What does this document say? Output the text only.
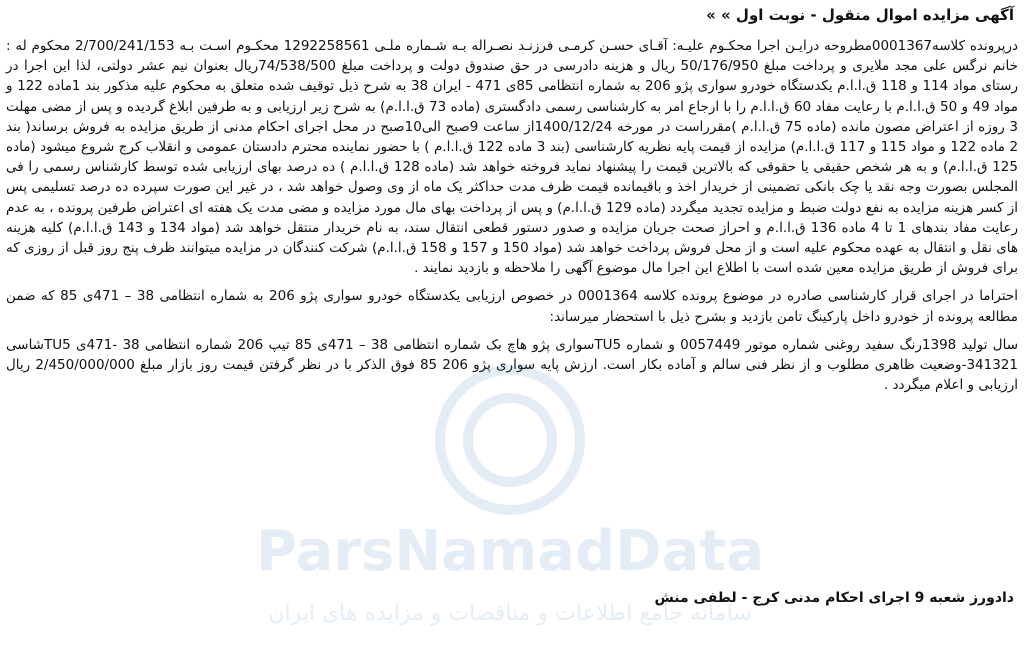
آگهی مزایده اموال منقول - نوبت اول » »

درپرونده کلاسه0001367مطروحه درایـن اجرا محکـوم علیـه: آقـای حسـن کرمـی فرزنـد نصـراله بـه شـماره ملـی 1292258561 محکـوم اسـت بـه 2/700/241/153 محکوم له : خانم نرگس علی مجد ملایری و پرداخت مبلغ 50/176/950 ریال و هزینه دادرسی در حق صندوق دولت و پرداخت مبلغ 74/538/500ریال بعنوان نیم عشر دولتی، لذا این اجرا در رستای مواد 114 و 118 ق.ا.ا.م یکدستگاه خودرو سواری پژو 206 به شماره انتظامی 85ی 471 - ایران 38 به شرح ذیل توقیف شده متعلق به محکوم علیه مذکور بند 1ماده 122 و مواد 49 و 50 ق.ا.ا.م با رعایت مفاد 60 ق.ا.ا.م را با ارجاع امر به کارشناسی رسمی دادگستری (ماده 73 ق.ا.ا.م) به شرح زیر ارزیابی و به طرفین ابلاغ گردیده و پس از مضی مهلت 3 روزه از اعتراض مصون مانده (ماده 75 ق.ا.ا.م )مقرراست در مورخه 1400/12/24از ساعت 9صبح الی10صبح در محل اجرای احکام مدنی از طریق مزایده به فروش برساند( بند 2 ماده 122 و مواد 115 و 117 ق.ا.ا.م) مزایده از قیمت پایه نظریه کارشناسی (بند 3 ماده 122 ق.ا.ا.م ) با حضور نماینده محترم دادستان عمومی و انقلاب کرج شروع میشود (ماده 125 ق.ا.ا.م) و به هر شخص حقیقی یا حقوقی که بالاترین قیمت را پیشنهاد نماید فروخته خواهد شد (ماده 128 ق.ا.ا.م ) ده درصد بهای ارزیابی شده توسط کارشناس رسمی را فی المجلس بصورت وجه نقد یا چک بانکی تضمینی از خریدار اخذ و باقیمانده قیمت ظرف مدت حداکثر یک ماه از وی وصول خواهد شد ، در غیر این صورت سپرده ده درصد تسلیمی پس از کسر هزینه مزایده به نفع دولت ضبط و مزایده تجدید میگردد (ماده 129 ق.ا.ا.م) و پس از پرداخت بهای مال مورد مزایده و مضی مدت یک هفته ای اعتراض طرفین پرونده ، به عدم رعایت مفاد بندهای 1 تا 4 ماده 136 ق.ا.ا.م و احراز صحت جریان مزایده و صدور دستور قطعی انتقال سند، به نام خریدار منتقل خواهد شد (مواد 134 و 143 ق.ا.ا.م) کلیه هزینه های نقل و انتقال به عهده محکوم علیه است و از محل فروش پرداخت خواهد شد (مواد 150 و 157 و 158 ق.ا.ا.م) شرکت کنندگان در مزایده میتوانند ظرف پنج روز قبل از روزی که برای فروش از طریق مزایده معین شده است با اطلاع این اجرا مال موضوع آگهی را ملاحظه و بازدید نمایند .

احتراما در اجرای قرار کارشناسی صادره در موضوع پرونده کلاسه 0001364 در خصوص ارزیابی یکدستگاه خودرو سواری پژو 206 به شماره انتظامی 38 – 471ی 85 که ضمن مطالعه پرونده از خودرو داخل پارکینگ تامن بازدید و بشرح ذیل با استحضار میرساند:

سال تولید 1398رنگ سفید روغنی شماره موتور 0057449 و شماره TU5سواری پژو هاچ بک شماره انتظامی 38 – 471ی 85 تیپ 206 شماره انتظامی 38 -471ی TU5شاسی 341321-وضعیت ظاهری مطلوب و از نظر فنی سالم و آماده بکار است. ارزش پایه سواری پژو 206 85 فوق الذکر با در نظر گرفتن قیمت روز بازار مبلغ 2/450/000/000 ریال ارزیابی و اعلام میگردد .

دادورز شعبه 9 اجرای احکام مدنی کرج - لطفی منش
ParsNamadData
سامانه جامع اطلاعات و مناقصات و مزایده های ایران
